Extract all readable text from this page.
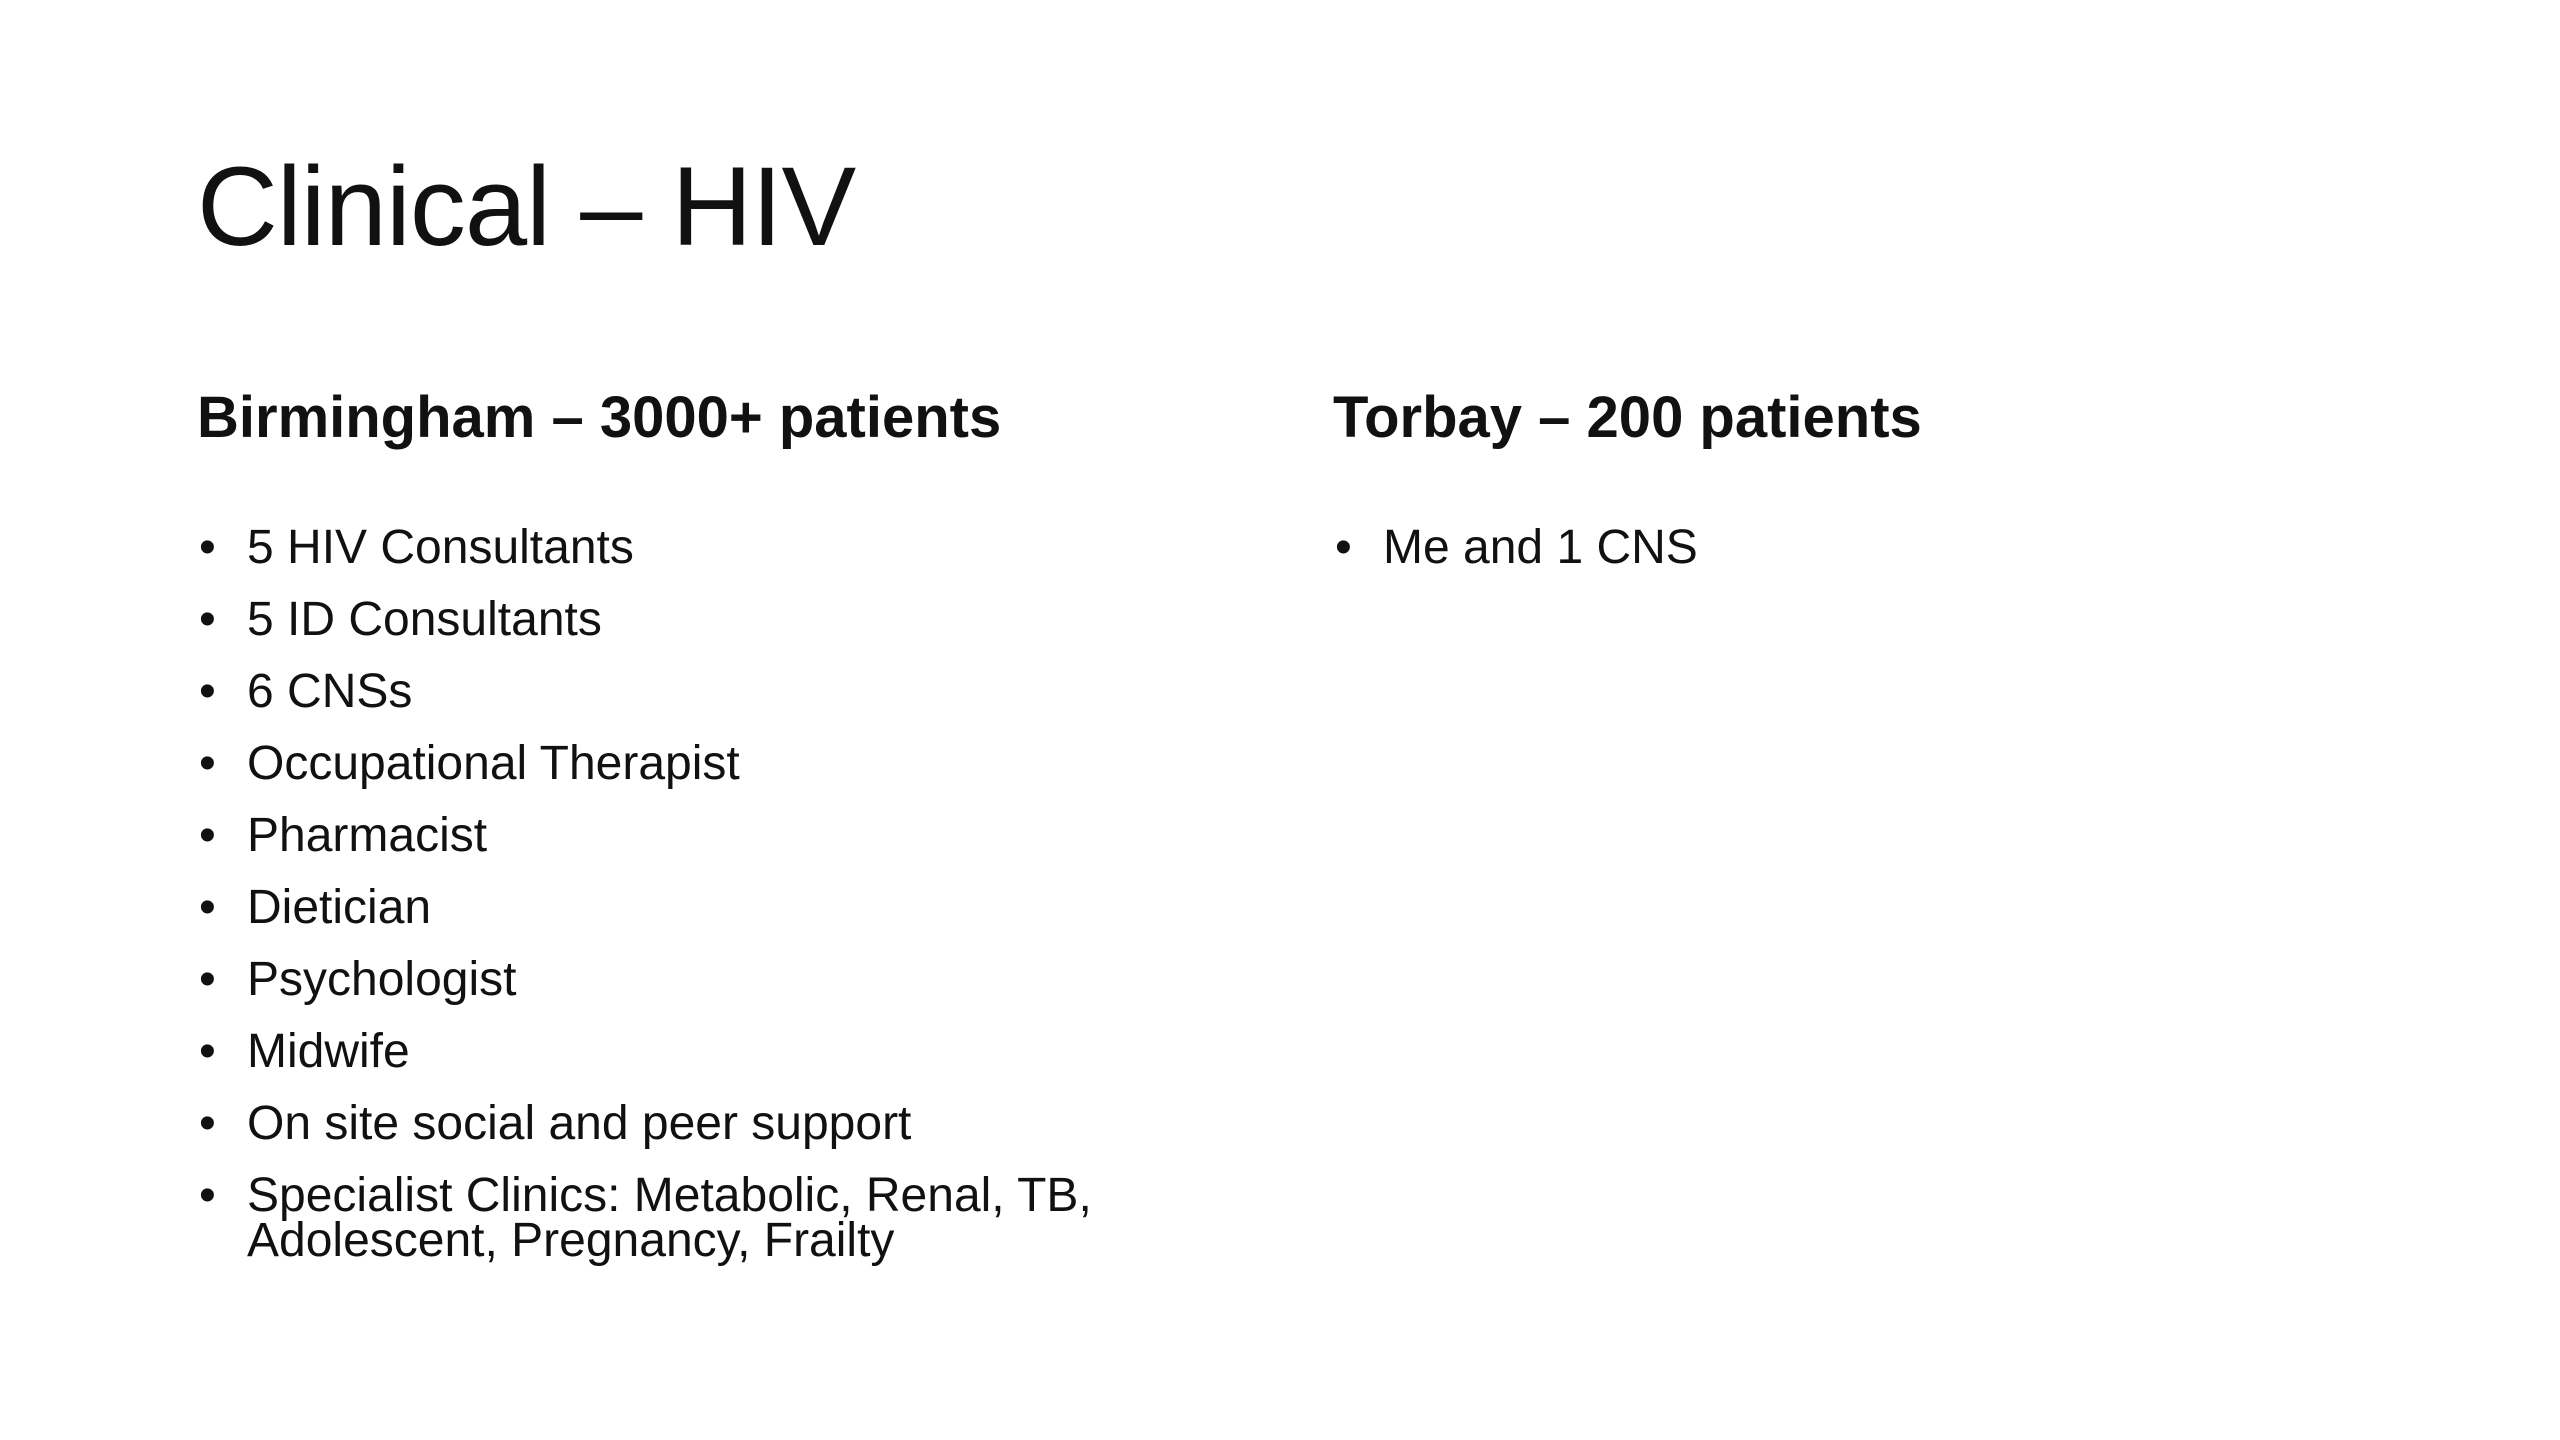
Clinical – HIV
Birmingham – 3000+ patients
• 5 HIV Consultants
• 5 ID Consultants
• 6 CNSs
• Occupational Therapist
• Pharmacist
• Dietician
• Psychologist
• Midwife
• On site social and peer support
• Specialist Clinics: Metabolic, Renal, TB, Adolescent, Pregnancy, Frailty
Torbay – 200 patients
• Me and 1 CNS
